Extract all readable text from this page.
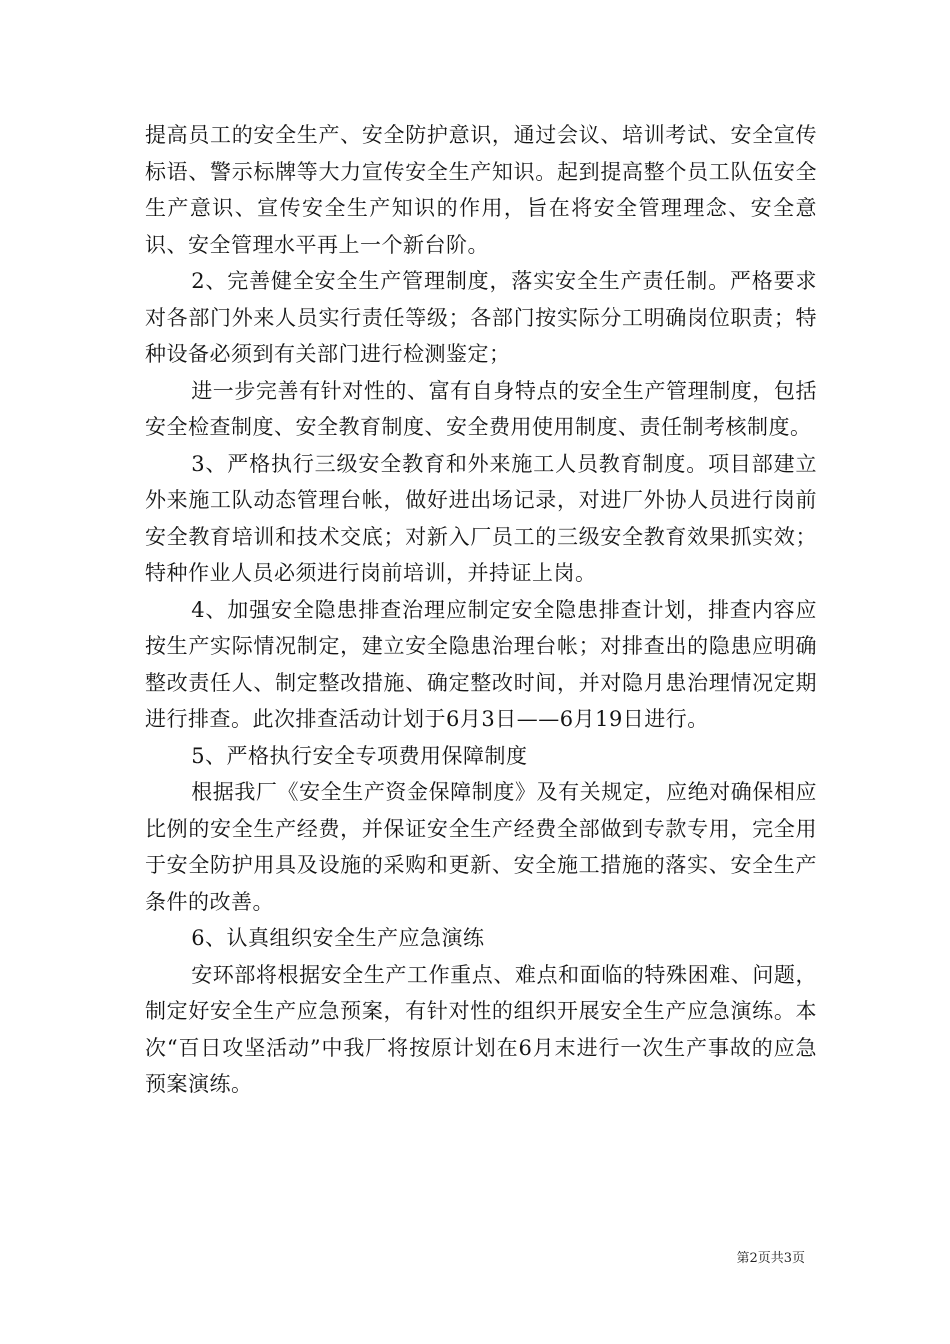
提高员工的安全生产、安全防护意识，通过会议、培训考试、安全宣传标语、警示标牌等大力宣传安全生产知识。起到提高整个员工队伍安全生产意识、宣传安全生产知识的作用，旨在将安全管理理念、安全意识、安全管理水平再上一个新台阶。

2、完善健全安全生产管理制度，落实安全生产责任制。严格要求对各部门外来人员实行责任等级；各部门按实际分工明确岗位职责；特种设备必须到有关部门进行检测鉴定；

进一步完善有针对性的、富有自身特点的安全生产管理制度，包括安全检查制度、安全教育制度、安全费用使用制度、责任制考核制度。

3、严格执行三级安全教育和外来施工人员教育制度。项目部建立外来施工队动态管理台帐，做好进出场记录，对进厂外协人员进行岗前安全教育培训和技术交底；对新入厂员工的三级安全教育效果抓实效；特种作业人员必须进行岗前培训，并持证上岗。

4、加强安全隐患排查治理应制定安全隐患排查计划，排查内容应按生产实际情况制定，建立安全隐患治理台帐；对排查出的隐患应明确整改责任人、制定整改措施、确定整改时间，并对隐月患治理情况定期进行排查。此次排查活动计划于6月3日——6月19日进行。

5、严格执行安全专项费用保障制度

根据我厂《安全生产资金保障制度》及有关规定，应绝对确保相应比例的安全生产经费，并保证安全生产经费全部做到专款专用，完全用于安全防护用具及设施的采购和更新、安全施工措施的落实、安全生产条件的改善。

6、认真组织安全生产应急演练

安环部将根据安全生产工作重点、难点和面临的特殊困难、问题，制定好安全生产应急预案，有针对性的组织开展安全生产应急演练。本次“百日攻坚活动”中我厂将按原计划在6月末进行一次生产事故的应急预案演练。

第2页共3页
